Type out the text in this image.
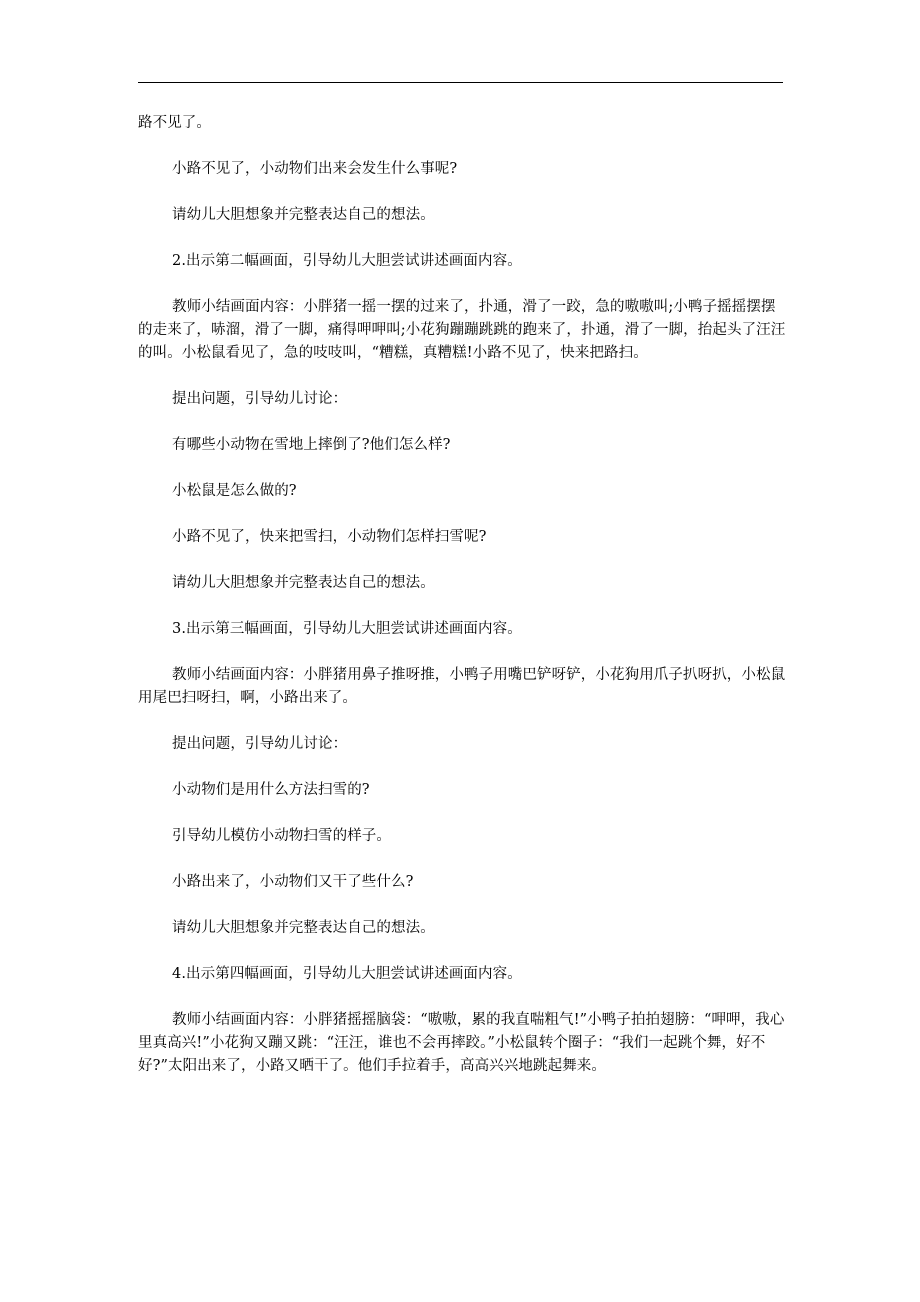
路不见了。

小路不见了，小动物们出来会发生什么事呢?

请幼儿大胆想象并完整表达自己的想法。

2.出示第二幅画面，引导幼儿大胆尝试讲述画面内容。

教师小结画面内容：小胖猪一摇一摆的过来了，扑通，滑了一跤，急的嗷嗷叫;小鸭子摇摇摆摆的走来了，哧溜，滑了一脚，痛得呷呷叫;小花狗蹦蹦跳跳的跑来了，扑通，滑了一脚，抬起头了汪汪的叫。小松鼠看见了，急的吱吱叫，“糟糕，真糟糕!小路不见了，快来把路扫。

提出问题，引导幼儿讨论：

有哪些小动物在雪地上摔倒了?他们怎么样?

小松鼠是怎么做的?

小路不见了，快来把雪扫，小动物们怎样扫雪呢?

请幼儿大胆想象并完整表达自己的想法。

3.出示第三幅画面，引导幼儿大胆尝试讲述画面内容。

教师小结画面内容：小胖猪用鼻子推呀推，小鸭子用嘴巴铲呀铲，小花狗用爪子扒呀扒，小松鼠用尾巴扫呀扫，啊，小路出来了。

提出问题，引导幼儿讨论：

小动物们是用什么方法扫雪的?

引导幼儿模仿小动物扫雪的样子。

小路出来了，小动物们又干了些什么?

请幼儿大胆想象并完整表达自己的想法。

4.出示第四幅画面，引导幼儿大胆尝试讲述画面内容。

教师小结画面内容：小胖猪摇摇脑袋：“嗷嗷，累的我直喘粗气!”小鸭子拍拍翅膀：“呷呷，我心里真高兴!”小花狗又蹦又跳：“汪汪，谁也不会再摔跤。”小松鼠转个圈子：“我们一起跳个舞，好不好?”太阳出来了，小路又晒干了。他们手拉着手，高高兴兴地跳起舞来。
